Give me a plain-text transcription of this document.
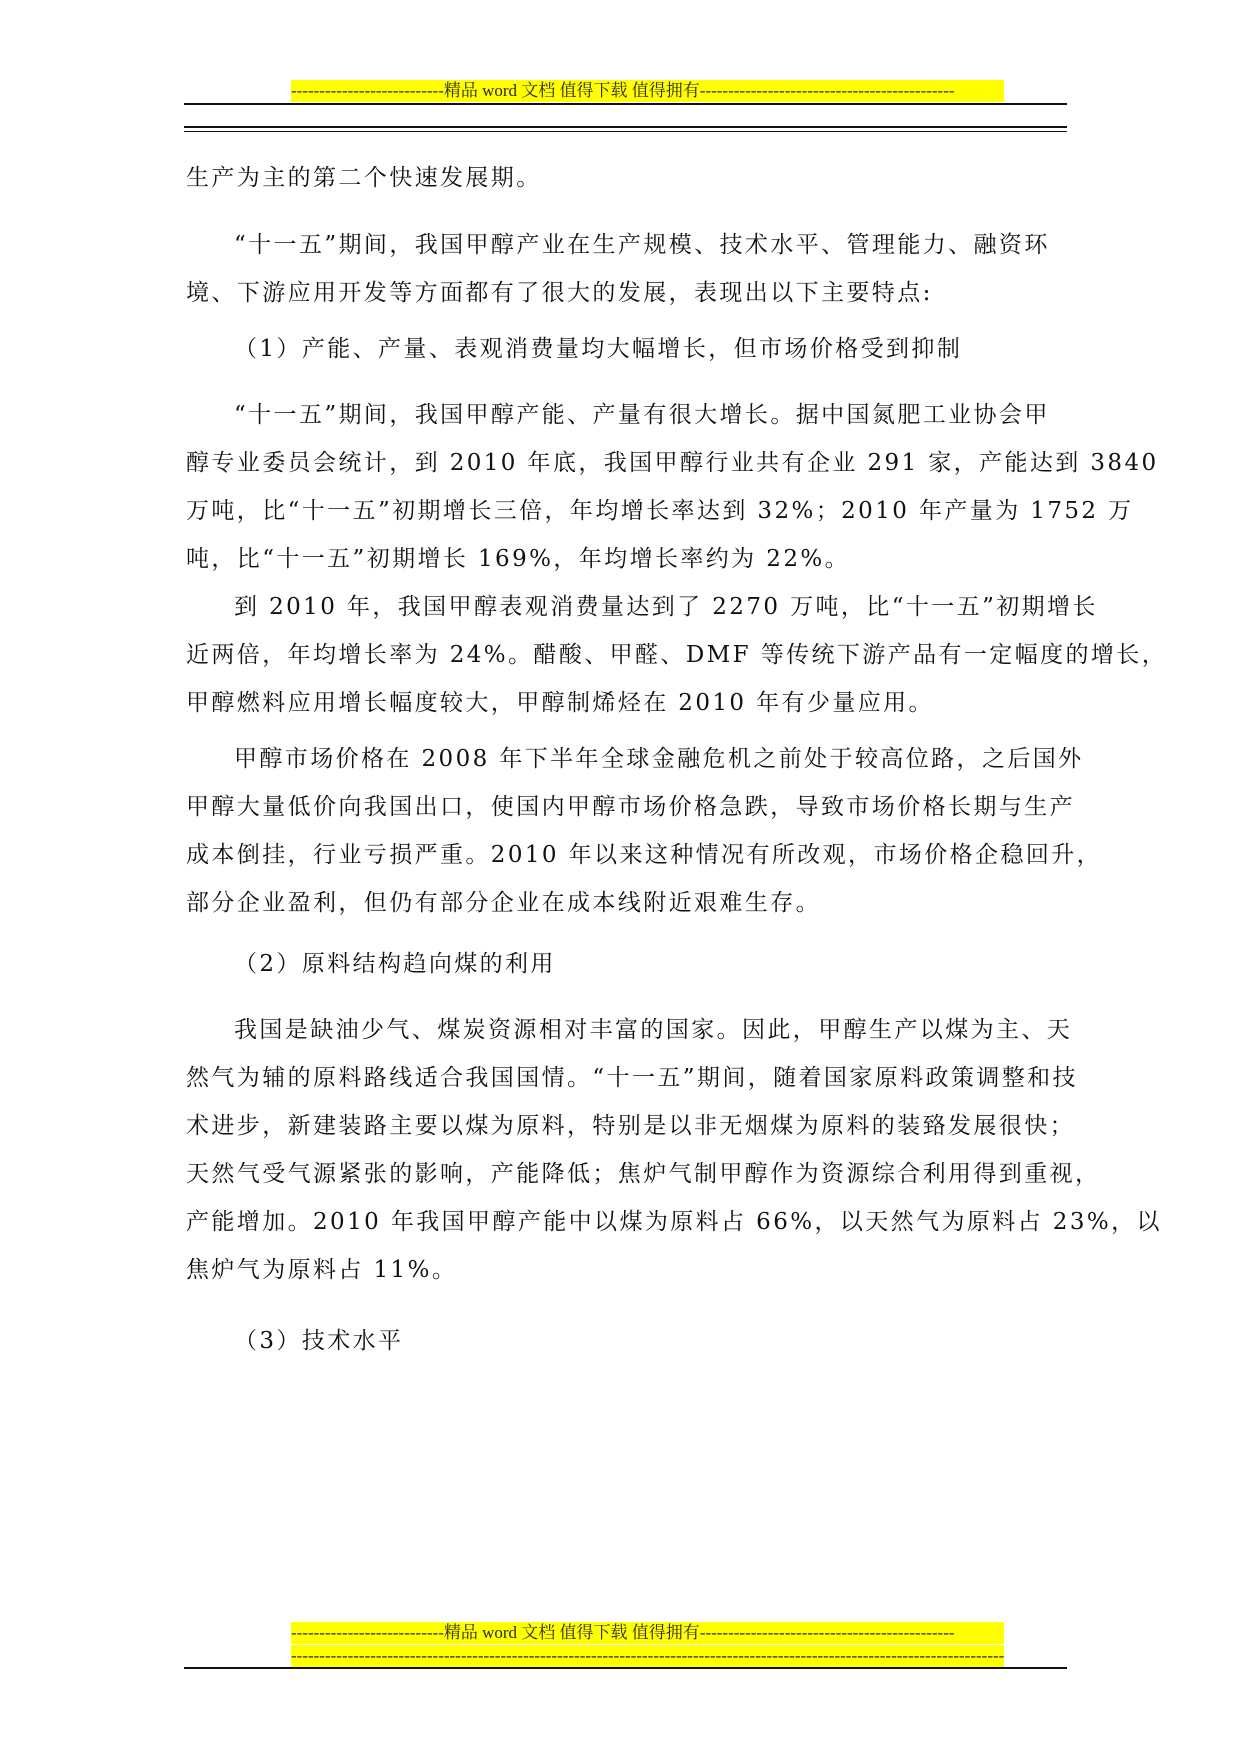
---------------------------精品 word 文档 值得下载 值得拥有---------------------------------------------
生产为主的第二个快速发展期。
“十一五”期间，我国甲醇产业在生产规模、技术水平、管理能力、融资环
境、下游应用开发等方面都有了很大的发展，表现出以下主要特点:
（1）产能、产量、表观消费量均大幅增长，但市场价格受到抑制
“十一五”期间，我国甲醇产能、产量有很大增长。据中国氮肥工业协会甲
醇专业委员会统计，到 2010 年底，我国甲醇行业共有企业 291 家，产能达到 3840
万吨，比“十一五”初期增长三倍，年均增长率达到 32%；2010 年产量为 1752 万
吨，比“十一五”初期增长 169%，年均增长率约为 22%。
到 2010 年，我国甲醇表观消费量达到了 2270 万吨，比“十一五”初期增长
近两倍，年均增长率为 24%。醋酸、甲醛、DMF 等传统下游产品有一定幅度的增长，
甲醇燃料应用增长幅度较大，甲醇制烯烃在 2010 年有少量应用。
甲醇市场价格在 2008 年下半年全球金融危机之前处于较高位路，之后国外
甲醇大量低价向我国出口，使国内甲醇市场价格急跌，导致市场价格长期与生产
成本倒挂，行业亏损严重。2010 年以来这种情况有所改观，市场价格企稳回升，
部分企业盈利，但仍有部分企业在成本线附近艰难生存。
（2）原料结构趋向煤的利用
我国是缺油少气、煤炭资源相对丰富的国家。因此，甲醇生产以煤为主、天
然气为辅的原料路线适合我国国情。“十一五”期间，随着国家原料政策调整和技
术进步，新建装路主要以煤为原料，特别是以非无烟煤为原料的装臵发展很快；
天然气受气源紧张的影响，产能降低；焦炉气制甲醇作为资源综合利用得到重视，
产能增加。2010 年我国甲醇产能中以煤为原料占 66%，以天然气为原料占 23%，以
焦炉气为原料占 11%。
（3）技术水平
---------------------------精品 word 文档 值得下载 值得拥有---------------------------------------------
------------------------------------------------------------------------------------------------------------------------------
